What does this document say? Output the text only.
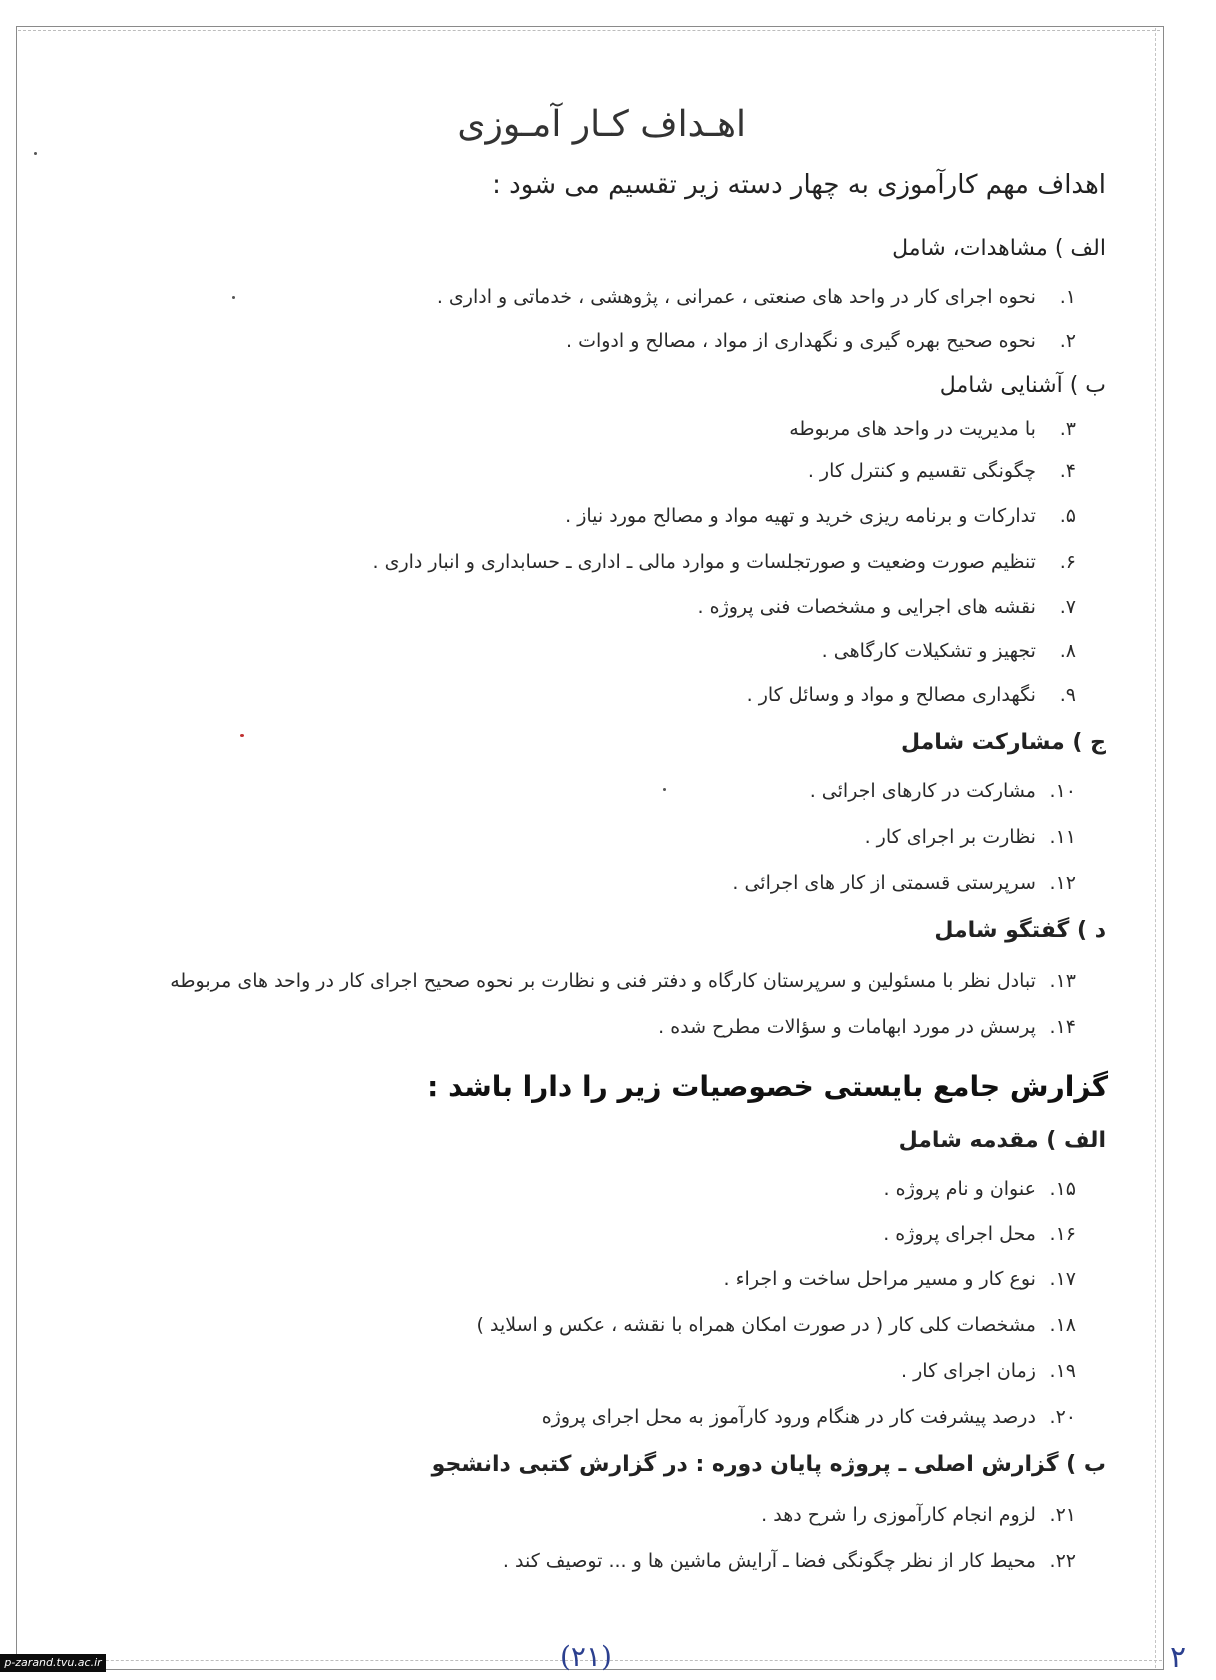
اهـداف کـار آمـوزی
اهداف مهم کارآموزی به چهار دسته زیر تقسیم می شود :
الف ) مشاهدات، شامل
۱. نحوه اجرای کار در واحد های صنعتی ، عمرانی ، پژوهشی ، خدماتی و اداری .
۲. نحوه صحیح بهره گیری و نگهداری از مواد ، مصالح و ادوات .
ب ) آشنایی شامل
۳. با مدیریت در واحد های مربوطه
۴. چگونگی تقسیم و کنترل کار .
۵. تدارکات و برنامه ریزی خرید و تهیه مواد و مصالح مورد نیاز .
۶. تنظیم صورت وضعیت و صورتجلسات و موارد مالی ـ اداری ـ حسابداری و انبار داری .
۷. نقشه های اجرایی و مشخصات فنی پروژه .
۸. تجهیز و تشکیلات کارگاهی .
۹. نگهداری مصالح و مواد و وسائل کار .
ج ) مشارکت شامل
۱۰. مشارکت در کارهای اجرائی .
۱۱. نظارت بر اجرای کار .
۱۲. سرپرستی قسمتی از کار های اجرائی .
د ) گفتگو شامل
۱۳. تبادل نظر با مسئولین و سرپرستان کارگاه و دفتر فنی و نظارت بر نحوه صحیح اجرای کار در واحد های مربوطه
۱۴. پرسش در مورد ابهامات و سؤالات مطرح شده .
گزارش جامع بایستی خصوصیات زیر را دارا باشد :
الف ) مقدمه شامل
۱۵. عنوان و نام پروژه .
۱۶. محل اجرای پروژه .
۱۷. نوع کار و مسیر مراحل ساخت و اجراء .
۱۸. مشخصات کلی کار ( در صورت امکان همراه با نقشه ، عکس و اسلاید )
۱۹. زمان اجرای کار .
۲۰. درصد پیشرفت کار در هنگام ورود کارآموز به محل اجرای پروژه
ب ) گزارش اصلی ـ پروژه پایان دوره : در گزارش کتبی دانشجو
۲۱. لزوم انجام کارآموزی را شرح دهد .
۲۲. محیط کار از نظر چگونگی فضا ـ آرایش ماشین ها و ... توصیف کند .
(۲۱)	۲
p-zarand.tvu.ac.ir
